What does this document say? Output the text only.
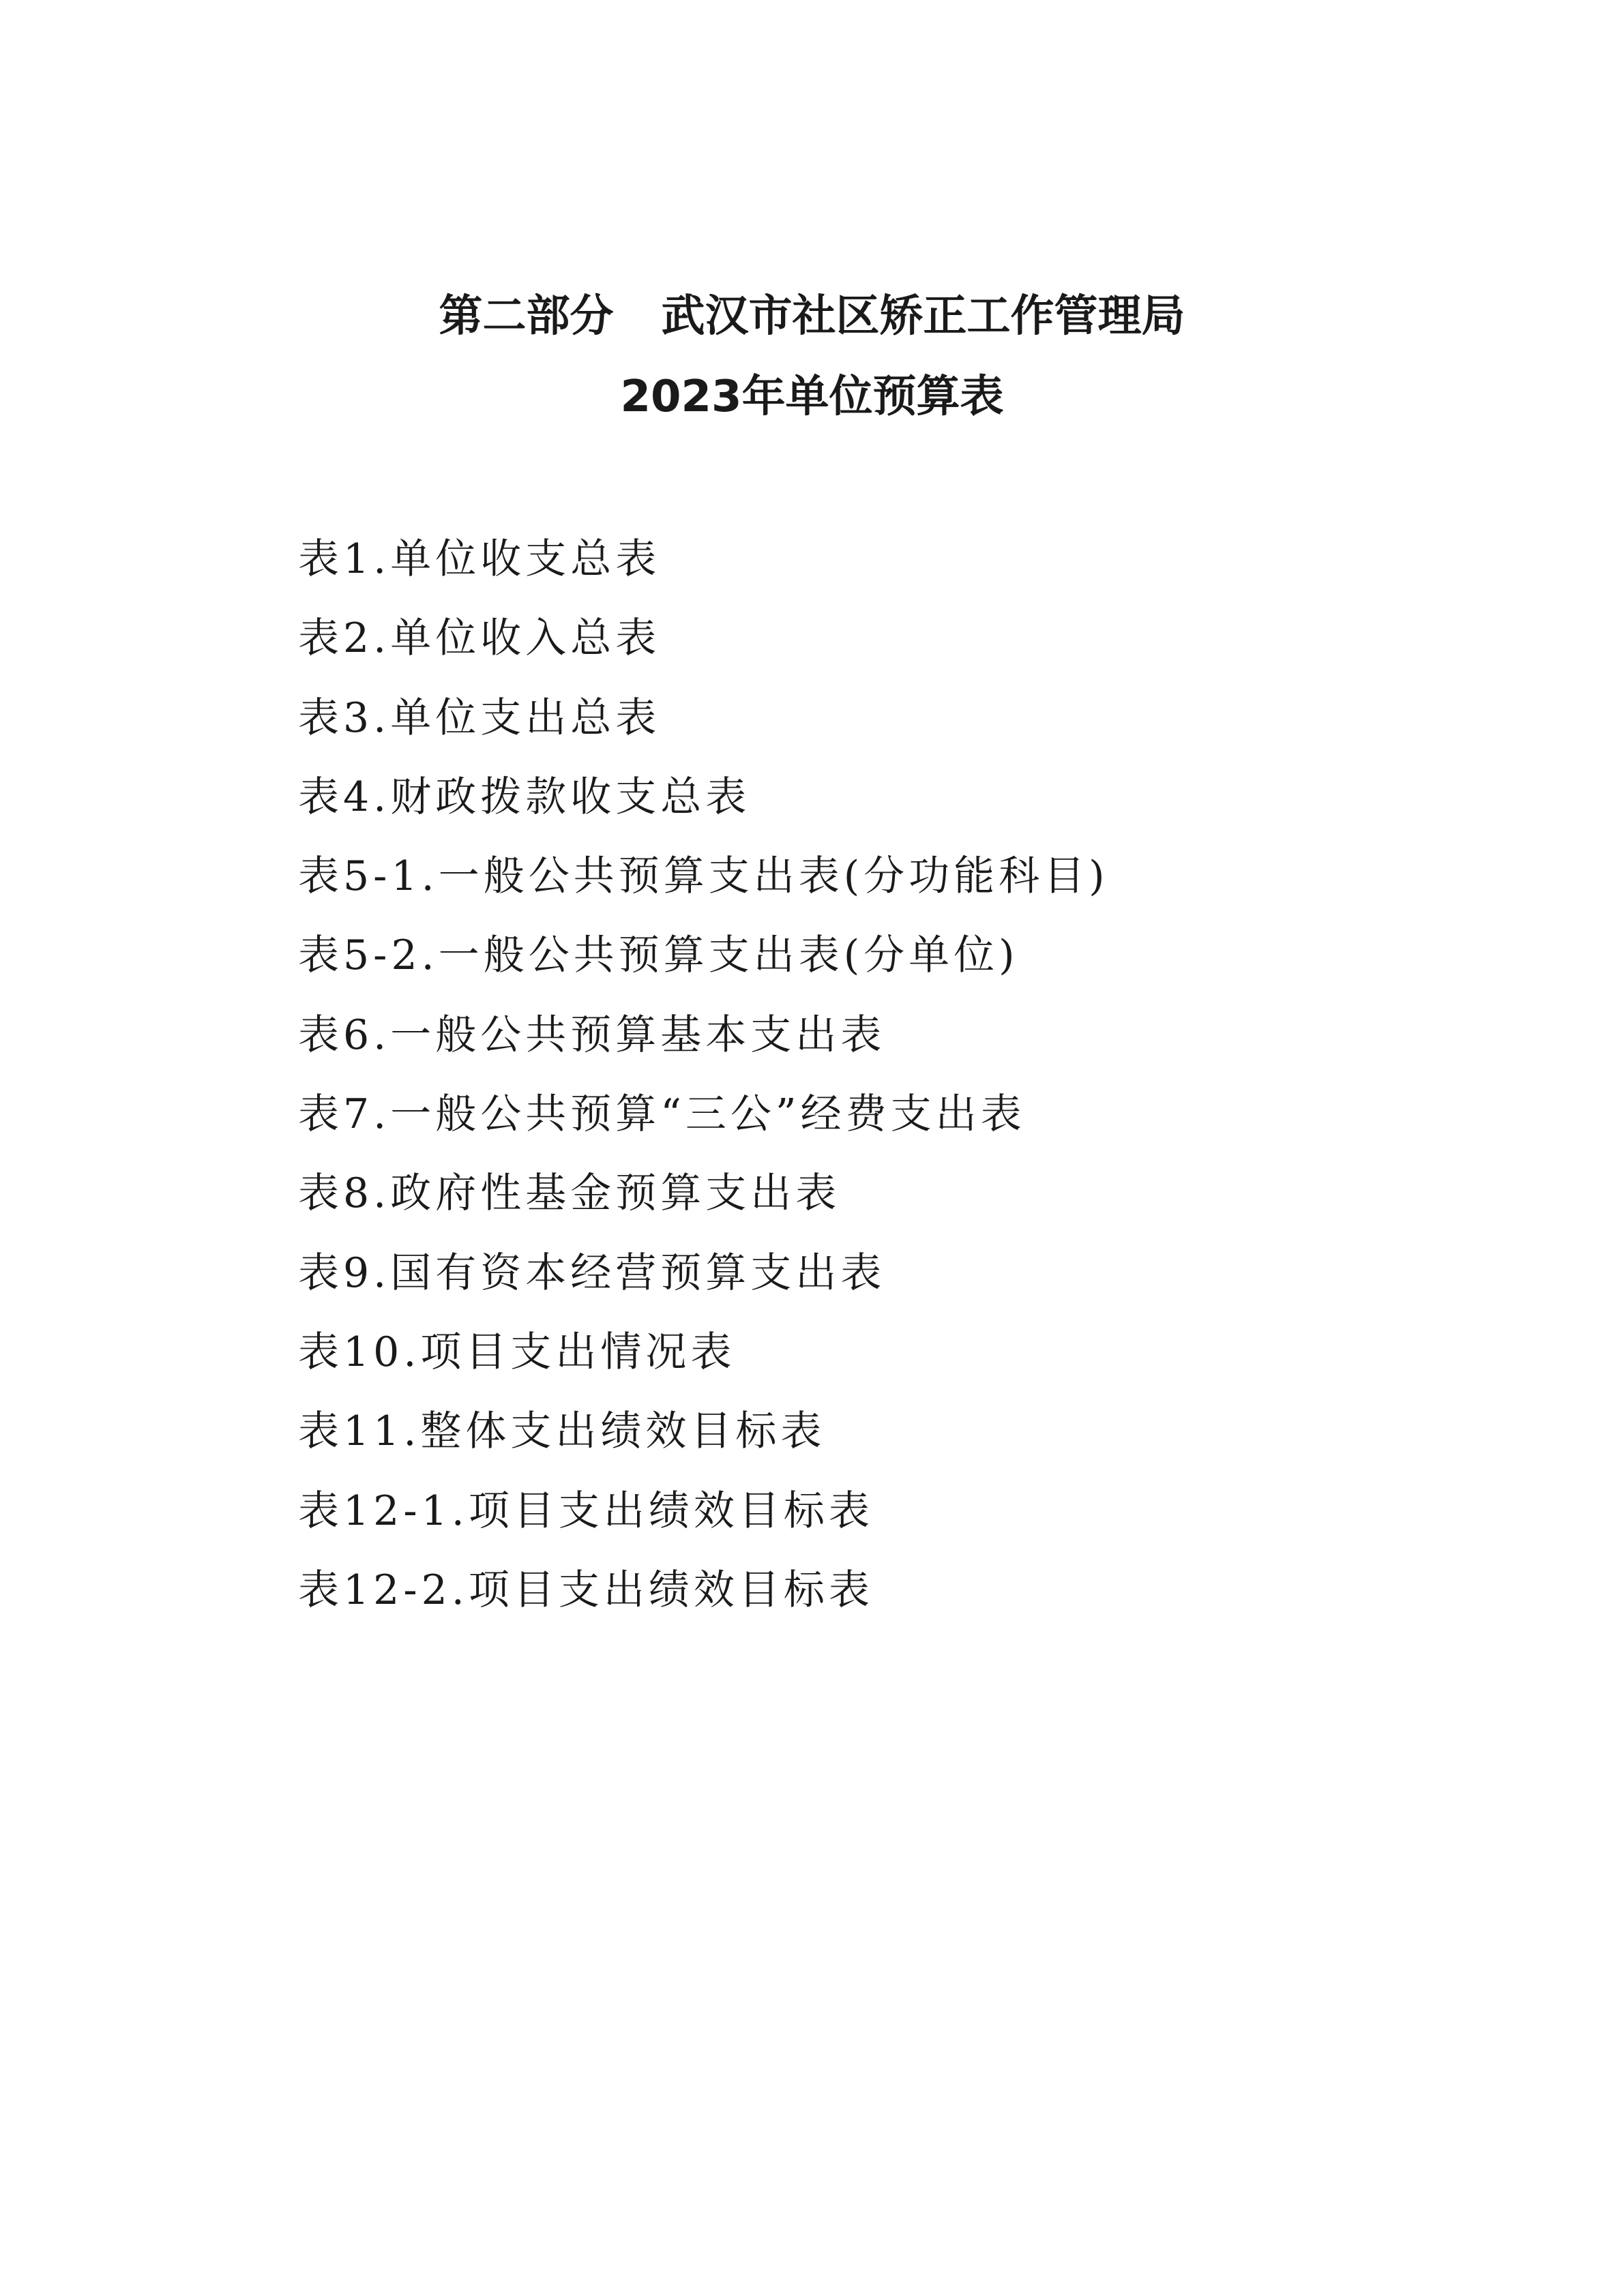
第二部分 武汉市社区矫正工作管理局
2023年单位预算表
表1.单位收支总表
表2.单位收入总表
表3.单位支出总表
表4.财政拨款收支总表
表5-1.一般公共预算支出表(分功能科目)
表5-2.一般公共预算支出表(分单位)
表6.一般公共预算基本支出表
表7.一般公共预算“三公”经费支出表
表8.政府性基金预算支出表
表9.国有资本经营预算支出表
表10.项目支出情况表
表11.整体支出绩效目标表
表12-1.项目支出绩效目标表
表12-2.项目支出绩效目标表
